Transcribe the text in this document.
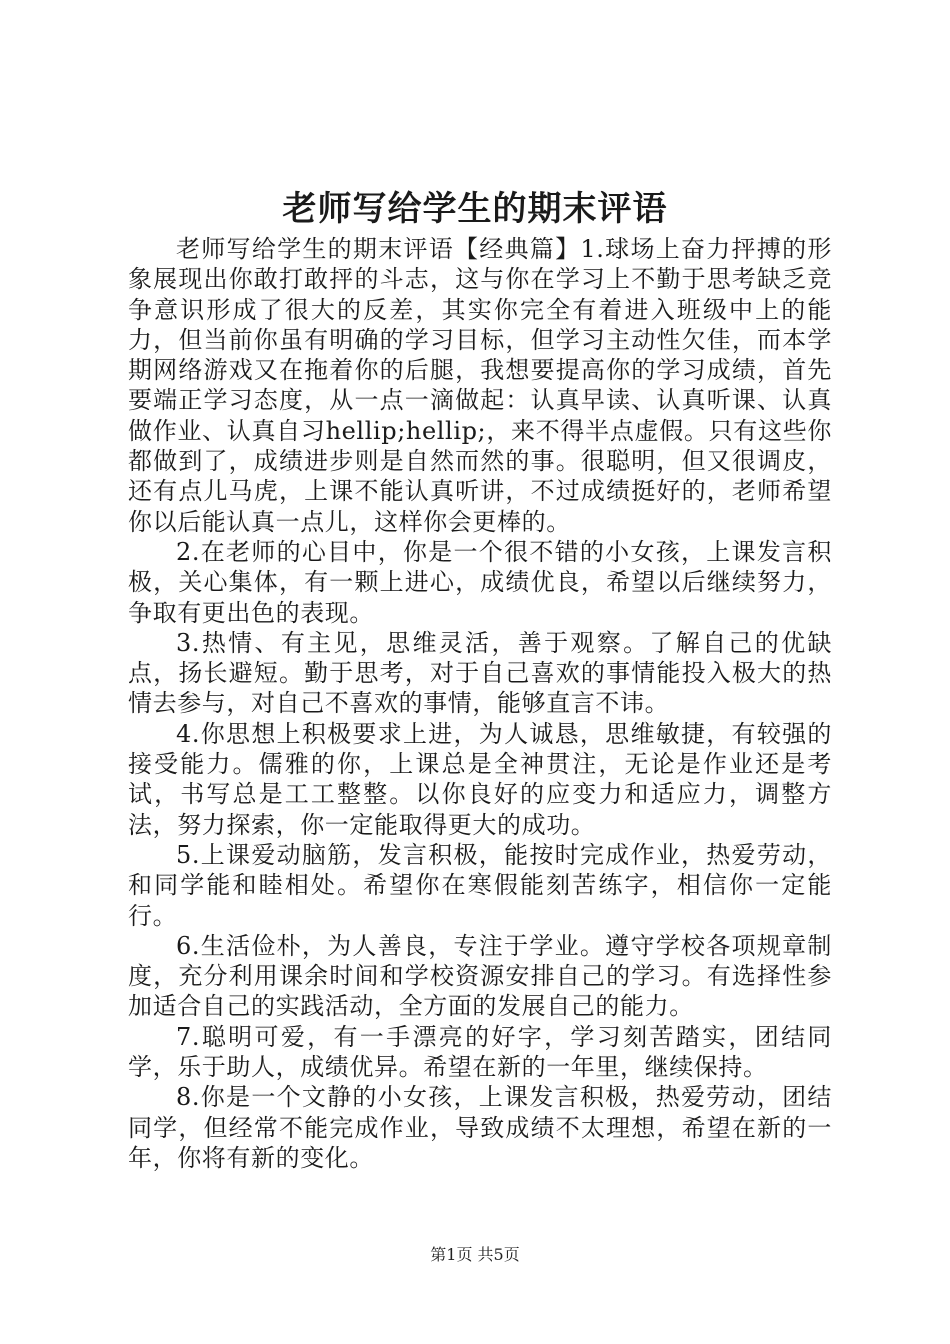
老师写给学生的期末评语

老师写给学生的期末评语【经典篇】1.球场上奋力抨搏的形象展现出你敢打敢抨的斗志，这与你在学习上不勤于思考缺乏竞争意识形成了很大的反差，其实你完全有着进入班级中上的能力，但当前你虽有明确的学习目标，但学习主动性欠佳，而本学期网络游戏又在拖着你的后腿，我想要提高你的学习成绩，首先要端正学习态度，从一点一滴做起：认真早读、认真听课、认真做作业、认真自习hellip;hellip;，来不得半点虚假。只有这些你都做到了，成绩进步则是自然而然的事。很聪明，但又很调皮，还有点儿马虎，上课不能认真听讲，不过成绩挺好的，老师希望你以后能认真一点儿，这样你会更棒的。

2.在老师的心目中，你是一个很不错的小女孩，上课发言积极，关心集体，有一颗上进心，成绩优良，希望以后继续努力，争取有更出色的表现。

3.热情、有主见，思维灵活，善于观察。了解自己的优缺点，扬长避短。勤于思考，对于自己喜欢的事情能投入极大的热情去参与，对自己不喜欢的事情，能够直言不讳。

4.你思想上积极要求上进，为人诚恳，思维敏捷，有较强的接受能力。儒雅的你，上课总是全神贯注，无论是作业还是考试，书写总是工工整整。以你良好的应变力和适应力，调整方法，努力探索，你一定能取得更大的成功。

5.上课爱动脑筋，发言积极，能按时完成作业，热爱劳动，和同学能和睦相处。希望你在寒假能刻苦练字，相信你一定能行。

6.生活俭朴，为人善良，专注于学业。遵守学校各项规章制度，充分利用课余时间和学校资源安排自己的学习。有选择性参加适合自己的实践活动，全方面的发展自己的能力。

7.聪明可爱，有一手漂亮的好字，学习刻苦踏实，团结同学，乐于助人，成绩优异。希望在新的一年里，继续保持。

8.你是一个文静的小女孩，上课发言积极，热爱劳动，团结同学，但经常不能完成作业，导致成绩不太理想，希望在新的一年，你将有新的变化。

第1页 共5页
